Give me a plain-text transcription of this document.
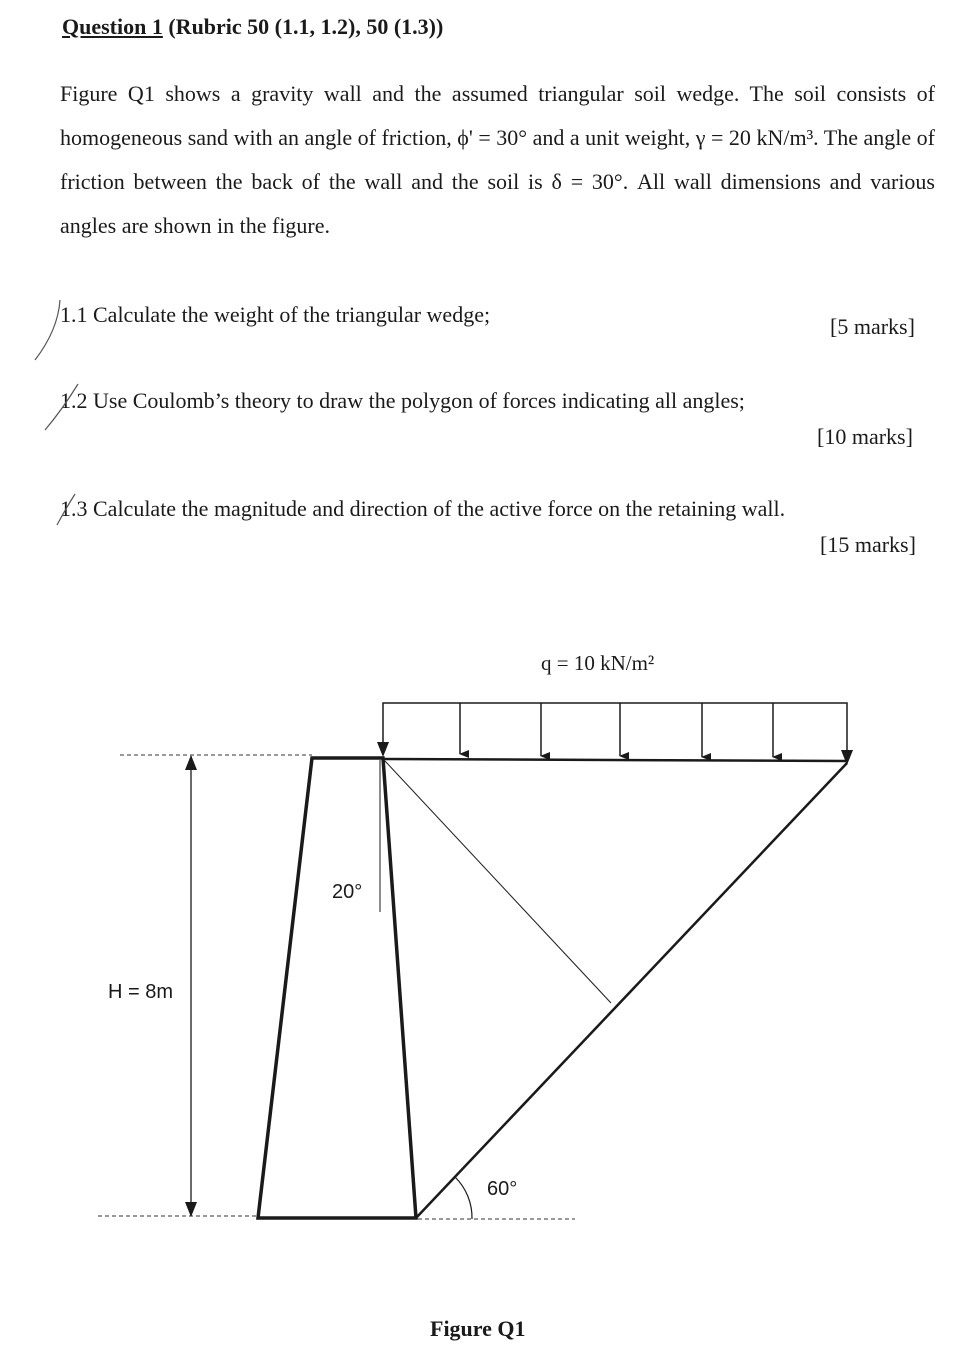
Question 1 (Rubric 50 (1.1, 1.2), 50 (1.3))
Figure Q1 shows a gravity wall and the assumed triangular soil wedge. The soil consists of homogeneous sand with an angle of friction, ϕ' = 30° and a unit weight, γ = 20 kN/m³. The angle of friction between the back of the wall and the soil is δ = 30°. All wall dimensions and various angles are shown in the figure.
1.1 Calculate the weight of the triangular wedge;	[5 marks]
1.2 Use Coulomb’s theory to draw the polygon of forces indicating all angles;
[10 marks]
1.3 Calculate the magnitude and direction of the active force on the retaining wall.
[15 marks]
q = 10 kN/m²
H = 8m
20°
60°
Figure Q1
